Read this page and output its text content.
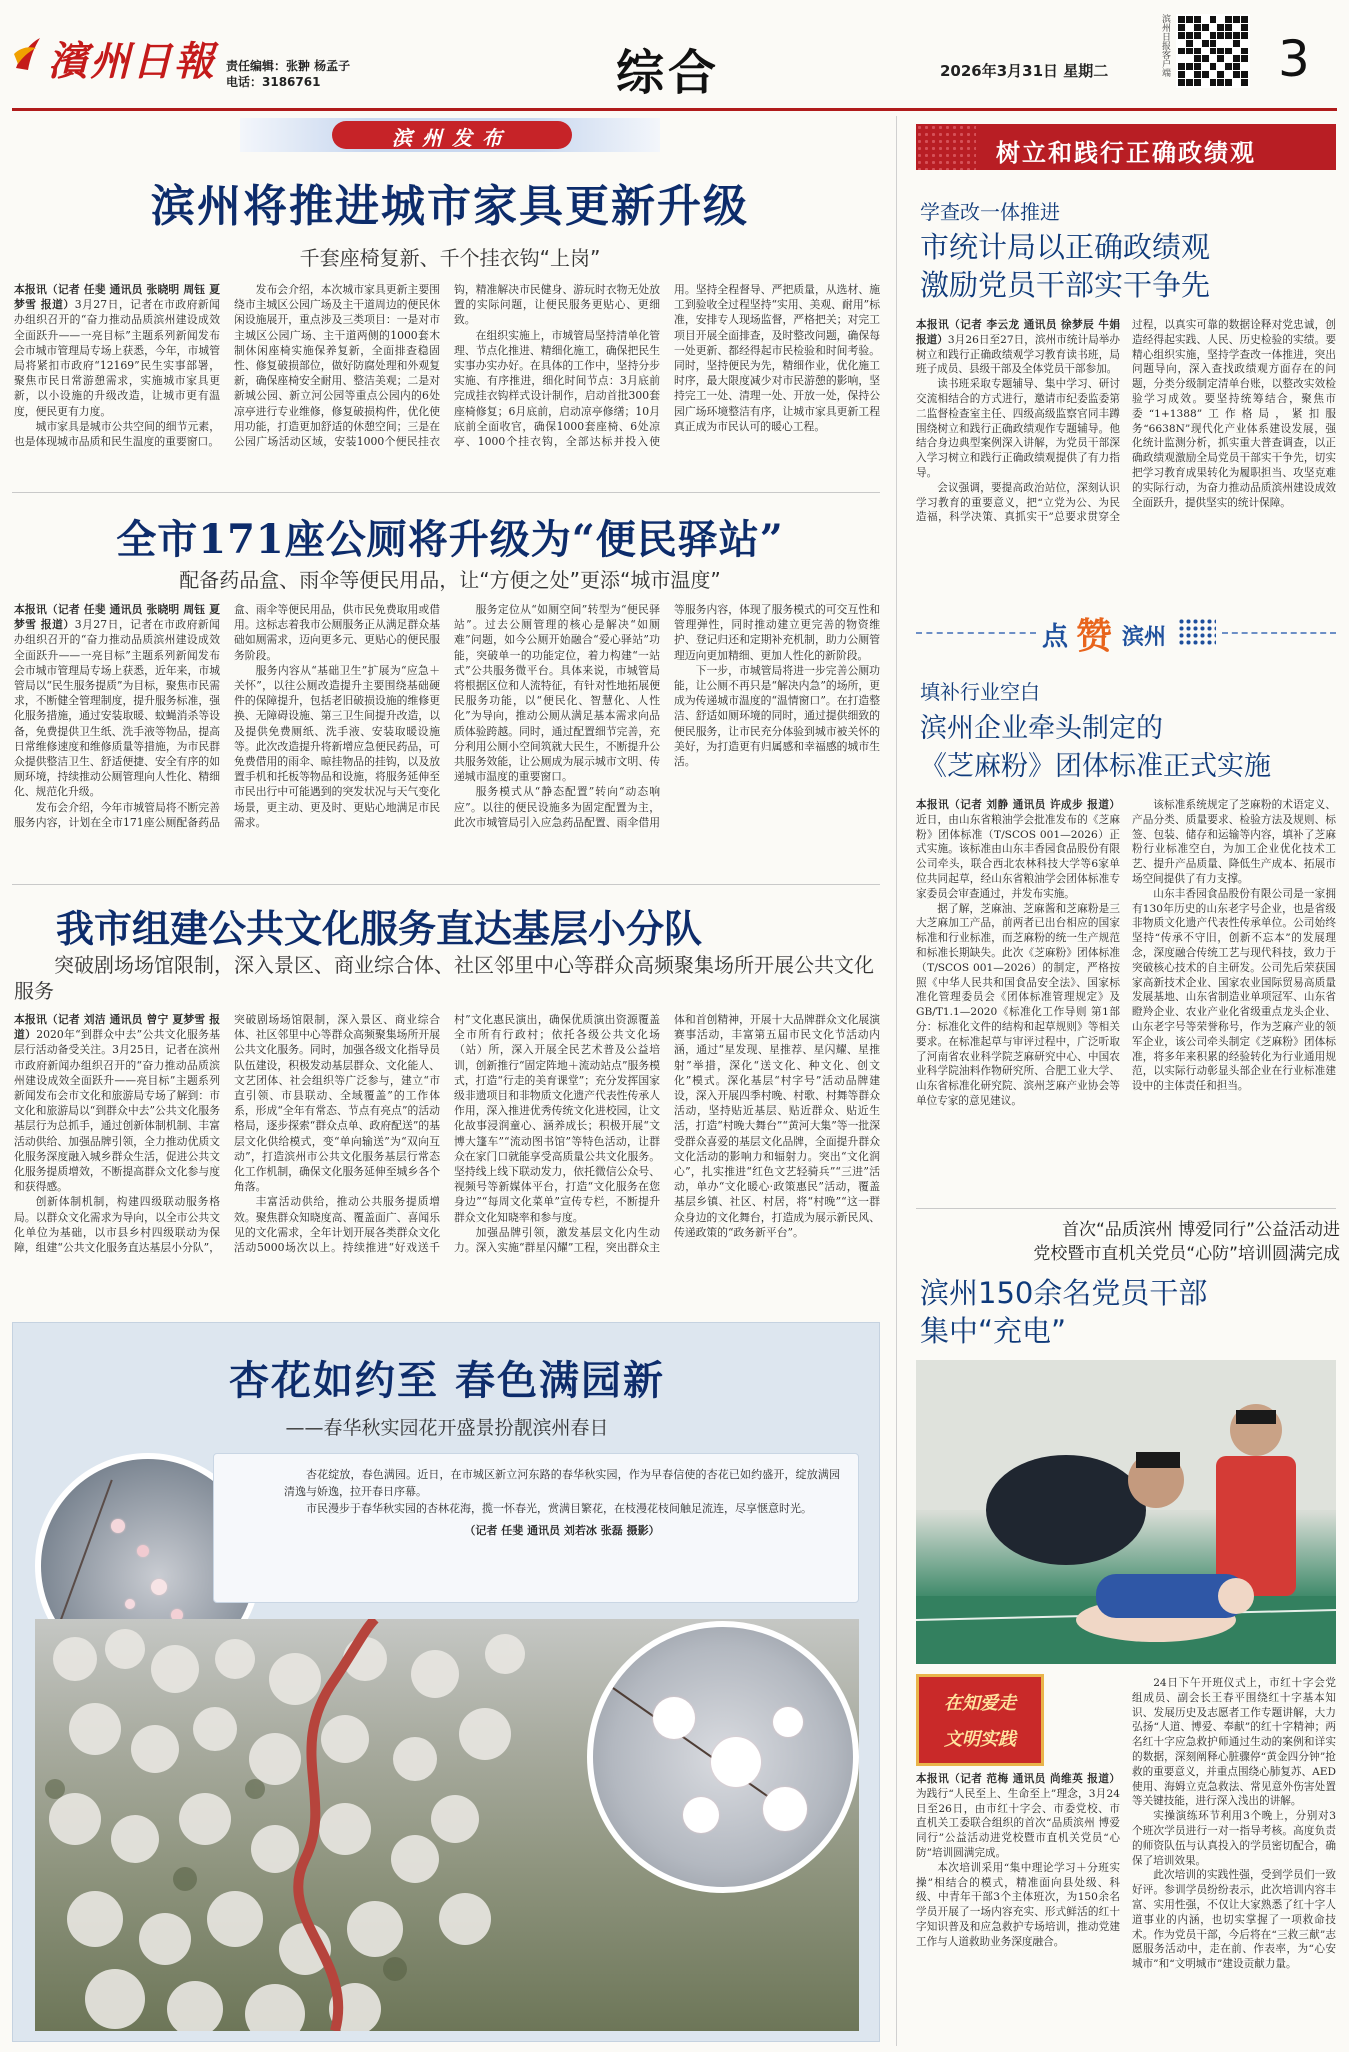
濱州日報 责任编辑：张翀 杨孟子
电话：3186761	综合	2026年3月31日 星期二	滨州日报客户端 3
滨州发布
滨州将推进城市家具更新升级
千套座椅复新、千个挂衣钩“上岗”

本报讯（记者 任斐 通讯员 张晓明 周钰 夏梦雪 报道）3月27日，记者在市政府新闻办组织召开的“奋力推动品质滨州建设成效全面跃升——一亮目标”主题系列新闻发布会市城市管理局专场上获悉，今年，市城管局将紧扣市政府“12169”民生实事部署，聚焦市民日常游憩需求，实施城市家具更新，以小设施的升级改造，让城市更有温度，便民更有力度。

城市家具是城市公共空间的细节元素，也是体现城市品质和民生温度的重要窗口。

发布会介绍，本次城市家具更新主要围绕市主城区公园广场及主干道周边的便民休闲设施展开，重点涉及三类项目：一是对市主城区公园广场、主干道两侧的1000套木制休闲座椅实施保养复新，全面排查稳固性、修复破损部位，做好防腐处理和外观复新，确保座椅安全耐用、整洁美观；二是对新城公园、新立河公园等重点公园内的6处凉亭进行专业维修，修复破损构件，优化使用功能，打造更加舒适的休憩空间；三是在公园广场活动区域，安装1000个便民挂衣钩，精准解决市民健身、游玩时衣物无处放置的实际问题，让便民服务更贴心、更细致。

在组织实施上，市城管局坚持清单化管理、节点化推进、精细化施工，确保把民生实事办实办好。在具体的工作中，坚持分步实施、有序推进，细化时间节点：3月底前完成挂衣钩样式设计制作，启动首批300套座椅修复；6月底前，启动凉亭修缮；10月底前全面收官，确保1000套座椅、6处凉亭、1000个挂衣钩，全部达标并投入使用。坚持全程督导、严把质量，从选材、施工到验收全过程坚持“实用、美观、耐用”标准，安排专人现场监督，严格把关；对完工项目开展全面排查，及时整改问题，确保每一处更新、都经得起市民检验和时间考验。同时，坚持便民为先，精细作业，优化施工时序，最大限度减少对市民游憩的影响，坚持完工一处、清理一处、开放一处，保持公园广场环境整洁有序，让城市家具更新工程真正成为市民认可的暖心工程。

全市171座公厕将升级为“便民驿站”
配备药品盒、雨伞等便民用品，让“方便之处”更添“城市温度”

本报讯（记者 任斐 通讯员 张晓明 周钰 夏梦雪 报道）3月27日，记者在市政府新闻办组织召开的“奋力推动品质滨州建设成效全面跃升——一亮目标”主题系列新闻发布会市城市管理局专场上获悉，近年来，市城管局以“民生服务提质”为目标，聚焦市民需求，不断健全管理制度，提升服务标准，强化服务措施，通过安装取暖、蚊蝇消杀等设备，免费提供卫生纸、洗手液等物品，提高日常维修速度和维修质量等措施，为市民群众提供整洁卫生、舒适便捷、安全有序的如厕环境，持续推动公厕管理向人性化、精细化、规范化升级。

发布会介绍，今年市城管局将不断完善服务内容，计划在全市171座公厕配备药品盒、雨伞等便民用品，供市民免费取用或借用。这标志着我市公厕服务正从满足群众基础如厕需求，迈向更多元、更贴心的便民服务阶段。

服务内容从“基础卫生”扩展为“应急＋关怀”，以往公厕改造提升主要围绕基础硬件的保障提升，包括老旧破损设施的维修更换、无障碍设施、第三卫生间提升改造，以及提供免费厕纸、洗手液、安装取暖设施等。此次改造提升将新增应急便民药品，可免费借用的雨伞、晾挂物品的挂钩，以及放置手机和托板等物品和设施，将服务延伸至市民出行中可能遇到的突发状况与天气变化场景，更主动、更及时、更贴心地满足市民需求。

服务定位从“如厕空间”转型为“便民驿站”。过去公厕管理的核心是解决“如厕难”问题，如今公厕开始融合“爱心驿站”功能，突破单一的功能定位，着力构建“一站式”公共服务微平台。具体来说，市城管局将根据区位和人流特征，有针对性地拓展便民服务功能，以“便民化、智慧化、人性化”为导向，推动公厕从满足基本需求向品质体验跨越。同时，通过配置细节完善，充分利用公厕小空间筑就大民生，不断提升公共服务效能，让公厕成为展示城市文明、传递城市温度的重要窗口。

服务模式从“静态配置”转向“动态响应”。以往的便民设施多为固定配置为主，此次市城管局引入应急药品配置、雨伞借用等服务内容，体现了服务模式的可交互性和管理弹性，同时推动建立更完善的物资维护、登记归还和定期补充机制，助力公厕管理迈向更加精细、更加人性化的新阶段。

下一步，市城管局将进一步完善公厕功能，让公厕不再只是“解决内急”的场所，更成为传递城市温度的“温情窗口”。在打造整洁、舒适如厕环境的同时，通过提供细致的便民服务，让市民充分体验到城市被关怀的美好，为打造更有归属感和幸福感的城市生活。

我市组建公共文化服务直达基层小分队
突破剧场场馆限制，深入景区、商业综合体、社区邻里中心等群众高频聚集场所开展公共文化服务

本报讯（记者 刘洁 通讯员 曾宁 夏梦雪 报道）2020年“到群众中去”公共文化服务基层行活动备受关注。3月25日，记者在滨州市政府新闻办组织召开的“奋力推动品质滨州建设成效全面跃升——亮目标”主题系列新闻发布会市文化和旅游局专场了解到：市文化和旅游局以“到群众中去”公共文化服务基层行为总抓手，通过创新体制机制、丰富活动供给、加强品牌引领，全力推动优质文化服务深度融入城乡群众生活，促进公共文化服务提质增效，不断提高群众文化参与度和获得感。

创新体制机制，构建四级联动服务格局。以群众文化需求为导向，以全市公共文化单位为基础，以市县乡村四级联动为保障，组建“公共文化服务直达基层小分队”，突破剧场场馆限制，深入景区、商业综合体、社区邻里中心等群众高频聚集场所开展公共文化服务。同时，加强各级文化指导员队伍建设，积极发动基层群众、文化能人、文艺团体、社会组织等广泛参与，建立“市直引领、市县联动、全域覆盖”的工作体系，形成“全年有常态、节点有亮点”的活动格局，逐步探索“群众点单、政府配送”的基层文化供给模式，变“单向输送”为“双向互动”，打造滨州市公共文化服务基层行常态化工作机制，确保文化服务延伸至城乡各个角落。

丰富活动供给，推动公共服务提质增效。聚焦群众知晓度高、覆盖面广、喜闻乐见的文化需求，全年计划开展各类群众文化活动5000场次以上。持续推进“好戏送千村”文化惠民演出，确保优质演出资源覆盖全市所有行政村；依托各级公共文化场（站）所，深入开展全民艺术普及公益培训，创新推行“固定阵地＋流动站点”服务模式，打造“行走的美育课堂”；充分发挥国家级非遗项目和非物质文化遗产代表性传承人作用，深入推进优秀传统文化进校园，让文化故事浸润童心、涵养成长；积极开展“文博大篷车”“流动图书馆”等特色活动，让群众在家门口就能享受高质量公共文化服务。坚持线上线下联动发力，依托微信公众号、视频号等新媒体平台，打造“文化服务在您身边”“每周文化菜单”宣传专栏，不断提升群众文化知晓率和参与度。

加强品牌引领，激发基层文化内生动力。深入实施“群星闪耀”工程，突出群众主体和首创精神，开展十大品牌群众文化展演赛事活动，丰富第五届市民文化节活动内涵，通过“星发现、星推荐、星闪耀、星推射”举措，深化“送文化、种文化、创文化”模式。深化基层“村字号”活动品牌建设，深入开展四季村晚、村歌、村舞等群众活动，坚持贴近基层、贴近群众、贴近生活，打造“村晚大舞台”“黄河大集”等一批深受群众喜爱的基层文化品牌，全面提升群众文化活动的影响力和辐射力。突出“文化润心”，扎实推进“红色文艺轻骑兵”“三进”活动，单办“文化暖心·政策惠民”活动，覆盖基层乡镇、社区、村居，将“村晚”“这一群众身边的文化舞台，打造成为展示新民风、传递政策的“政务新平台”。

杏花如约至 春色满园新
——春华秋实园花开盛景扮靓滨州春日

杏花绽放，春色满园。近日，在市城区新立河东路的春华秋实园，作为早春信使的杏花已如约盛开，绽放满园清逸与娇逸，拉开春日序幕。

市民漫步于春华秋实园的杏林花海，揽一怀春光，赏满目繁花，在枝漫花枝间触足流连，尽享惬意时光。

（记者 任斐 通讯员 刘若冰 张磊 摄影）

树立和践行正确政绩观
学查改一体推进
市统计局以正确政绩观
激励党员干部实干争先

本报讯（记者 李云龙 通讯员 徐梦辰 牛娟 报道）3月26日至27日，滨州市统计局举办树立和践行正确政绩观学习教育读书班，局班子成员、县级干部及全体党员干部参加。

读书班采取专题辅导、集中学习、研讨交流相结合的方式进行，邀请市纪委监委第二监督检查室主任、四级高级监察官同丰蹲围绕树立和践行正确政绩观作专题辅导。他结合身边典型案例深入讲解，为党员干部深入学习树立和践行正确政绩观提供了有力指导。

会议强调，要提高政治站位，深刻认识学习教育的重要意义，把“立党为公、为民造福，科学决策、真抓实干”总要求贯穿全过程，以真实可靠的数据诠释对党忠诚，创造经得起实践、人民、历史检验的实绩。要精心组织实施，坚持学查改一体推进，突出问题导向，深入查找政绩观方面存在的问题，分类分级制定清单台账，以整改实效检验学习成效。要坚持统筹结合，聚焦市委“1+1388”工作格局，紧扣服务“6638N”现代化产业体系建设发展，强化统计监测分析，抓实重大普查调查，以正确政绩观激励全局党员干部实干争先，切实把学习教育成果转化为履职担当、攻坚克难的实际行动，为奋力推动品质滨州建设成效全面跃升，提供坚实的统计保障。

点 赞 滨州
填补行业空白
滨州企业牵头制定的
《芝麻粉》团体标准正式实施

本报讯（记者 刘静 通讯员 许成步 报道）近日，由山东省粮油学会批准发布的《芝麻粉》团体标准（T/SCOS 001—2026）正式实施。该标准由山东丰香园食品股份有限公司牵头，联合西北农林科技大学等6家单位共同起草，经山东省粮油学会团体标准专家委员会审查通过，并发布实施。

据了解，芝麻油、芝麻酱和芝麻粉是三大芝麻加工产品，前两者已出台相应的国家标准和行业标准，而芝麻粉的统一生产规范和标准长期缺失。此次《芝麻粉》团体标准（T/SCOS 001—2026）的制定，严格按照《中华人民共和国食品安全法》、国家标准化管理委员会《团体标准管理规定》及GB/T1.1—2020《标准化工作导则 第1部分：标准化文件的结构和起草规则》等相关要求。在标准起草与审评过程中，广泛听取了河南省农业科学院芝麻研究中心、中国农业科学院油料作物研究所、合肥工业大学、山东省标准化研究院、滨州芝麻产业协会等单位专家的意见建议。

该标准系统规定了芝麻粉的术语定义、产品分类、质量要求、检验方法及规则、标签、包装、储存和运输等内容，填补了芝麻粉行业标准空白，为加工企业优化技术工艺、提升产品质量、降低生产成本、拓展市场空间提供了有力支撑。

山东丰香园食品股份有限公司是一家拥有130年历史的山东老字号企业，也是省级非物质文化遗产代表性传承单位。公司始终坚持“传承不守旧，创新不忘本”的发展理念，深度融合传统工艺与现代科技，致力于突破核心技术的自主研发。公司先后荣获国家高新技术企业、国家农业国际贸易高质量发展基地、山东省制造业单项冠军、山东省瞪羚企业、农业产业化省级重点龙头企业、山东老字号等荣誉称号，作为芝麻产业的领军企业，该公司牵头制定《芝麻粉》团体标准，将多年来积累的经验转化为行业通用规范，以实际行动彰显头部企业在行业标准建设中的主体责任和担当。

首次“品质滨州 博爱同行”公益活动进
党校暨市直机关党员“心防”培训圆满完成
滨州150余名党员干部
集中“充电”
在知爱走
文明实践

本报讯（记者 范梅 通讯员 尚维英 报道）为践行“人民至上、生命至上”理念，3月24日至26日，由市红十字会、市委党校、市直机关工委联合组织的首次“品质滨州 博爱同行”公益活动进党校暨市直机关党员“心防”培训圆满完成。

本次培训采用“集中理论学习＋分班实操”相结合的模式，精准面向县处级、科级、中青年干部3个主体班次，为150余名学员开展了一场内容充实、形式鲜活的红十字知识普及和应急救护专场培训，推动党建工作与人道救助业务深度融合。

24日下午开班仪式上，市红十字会党组成员、副会长王春平围绕红十字基本知识、发展历史及志愿者工作专题讲解，大力弘扬“人道、博爱、奉献”的红十字精神；两名红十字应急救护师通过生动的案例和详实的数据，深刻阐释心脏骤停“黄金四分钟”抢救的重要意义，并重点围绕心肺复苏、AED使用、海姆立克急救法、常见意外伤害处置等关键技能，进行深入浅出的讲解。

实操演练环节利用3个晚上，分别对3个班次学员进行一对一指导考核。高度负责的师资队伍与认真投入的学员密切配合，确保了培训效果。

此次培训的实践性强，受到学员们一致好评。参训学员纷纷表示，此次培训内容丰富、实用性强，不仅让大家熟悉了红十字人道事业的内涵，也切实掌握了一项救命技术。作为党员干部，今后将在“三救三献”志愿服务活动中，走在前、作表率，为“心安城市”和“文明城市”建设贡献力量。
